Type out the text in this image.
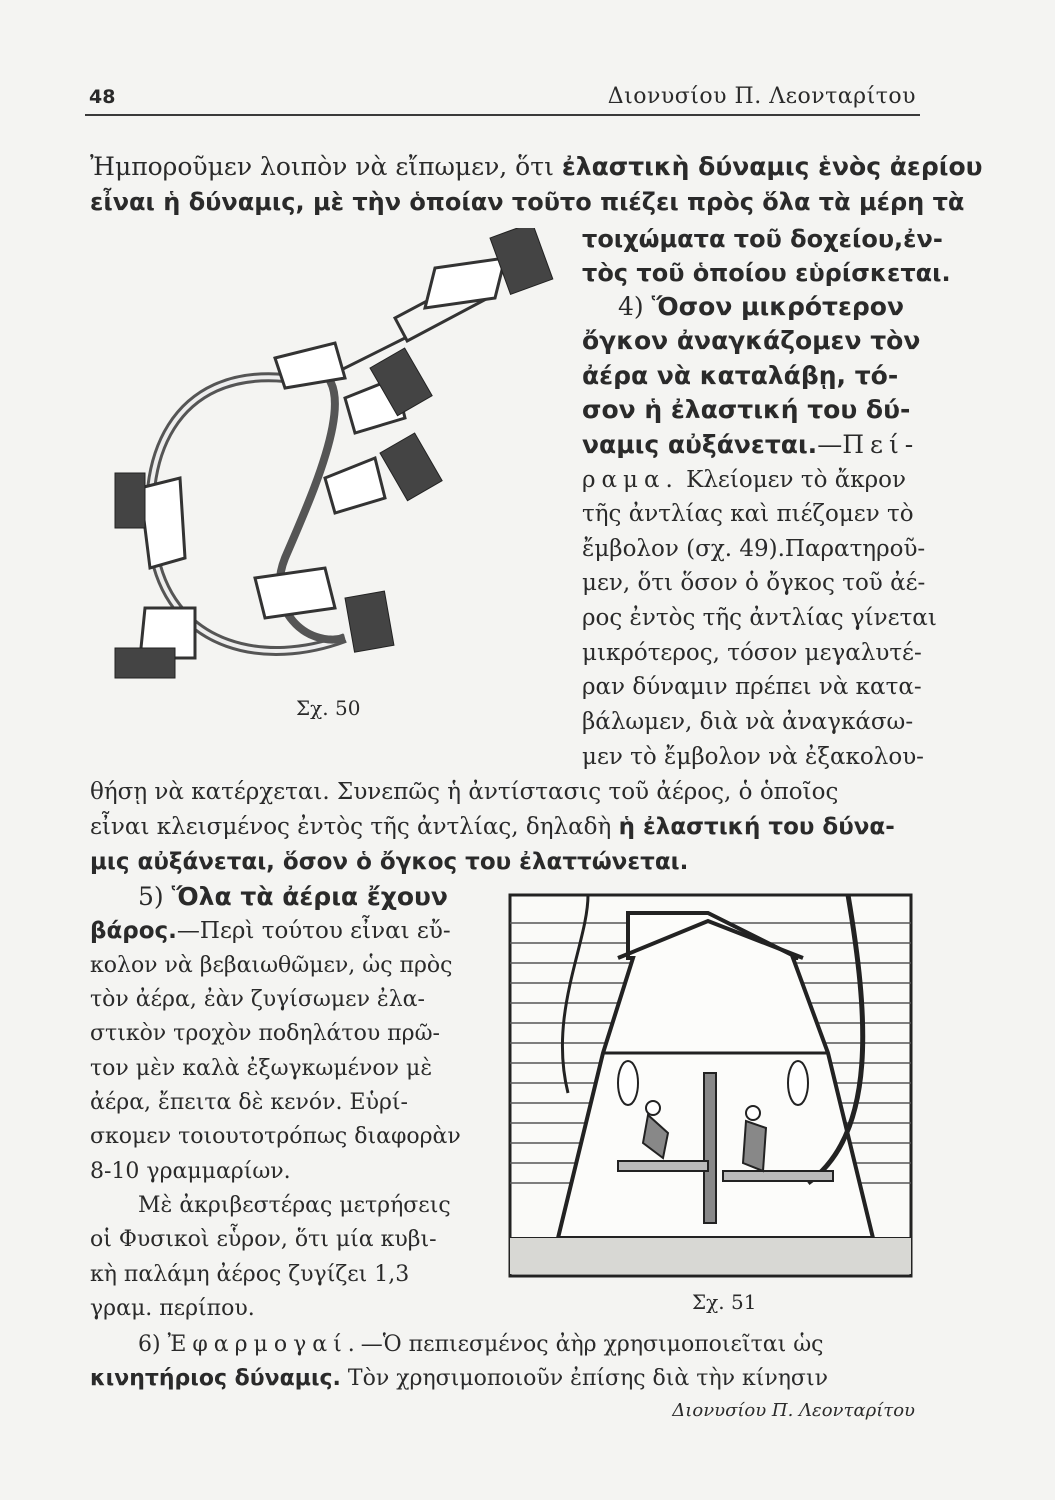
48	Διονυσίου Π. Λεονταρίτου
Ἠμποροῦμεν λοιπὸν νὰ εἴπωμεν, ὅτι ἐλαστικὴ δύναμις ἑνὸς ἀερίου
εἶναι ἡ δύναμις, μὲ τὴν ὁποίαν τοῦτο πιέζει πρὸς ὅλα τὰ μέρη τὰ
τοιχώματα τοῦ δοχείου,ἐν-
τὸς τοῦ ὁποίου εὑρίσκεται.
Σχ. 50
4) Ὅσον μικρότερον
ὄγκον ἀναγκάζομεν τὸν
ἀέρα νὰ καταλάβῃ, τό-
σον ἡ ἐλαστική του δύ-
ναμις αὐξάνεται.—Πεί-
ραμα. Κλείομεν τὸ ἄκρον
τῆς ἀντλίας καὶ πιέζομεν τὸ
ἔμβολον (σχ. 49).Παρατηροῦ-
μεν, ὅτι ὅσον ὁ ὄγκος τοῦ ἀέ-
ρος ἐντὸς τῆς ἀντλίας γίνεται
μικρότερος, τόσον μεγαλυτέ-
ραν δύναμιν πρέπει νὰ κατα-
βάλωμεν, διὰ νὰ ἀναγκάσω-
μεν τὸ ἔμβολον νὰ ἐξακολου-
θήσῃ νὰ κατέρχεται. Συνεπῶς ἡ ἀντίστασις τοῦ ἀέρος, ὁ ὁποῖος
εἶναι κλεισμένος ἐντὸς τῆς ἀντλίας, δηλαδὴ ἡ ἐλαστική του δύνα-
μις αὐξάνεται, ὅσον ὁ ὄγκος του ἐλαττώνεται.
5) Ὅλα τὰ ἀέρια ἔχουν
βάρος.—Περὶ τούτου εἶναι εὔ-
κολον νὰ βεβαιωθῶμεν, ὡς πρὸς
τὸν ἀέρα, ἐὰν ζυγίσωμεν ἐλα-
στικὸν τροχὸν ποδηλάτου πρῶ-
τον μὲν καλὰ ἐξωγκωμένον μὲ
ἀέρα, ἔπειτα δὲ κενόν. Εὑρί-
σκομεν τοιουτοτρόπως διαφορὰν
8-10 γραμμαρίων.
Μὲ ἀκριβεστέρας μετρήσεις
οἱ Φυσικοὶ εὗρον, ὅτι μία κυβι-
κὴ παλάμη ἀέρος ζυγίζει 1,3
γραμ. περίπου.	Σχ. 51
6) Ἐφαρμογαί.—Ὁ πεπιεσμένος ἀὴρ χρησιμοποιεῖται ὡς
κινητήριος δύναμις. Τὸν χρησιμοποιοῦν ἐπίσης διὰ τὴν κίνησιν
Διονυσίου Π. Λεονταρίτου
